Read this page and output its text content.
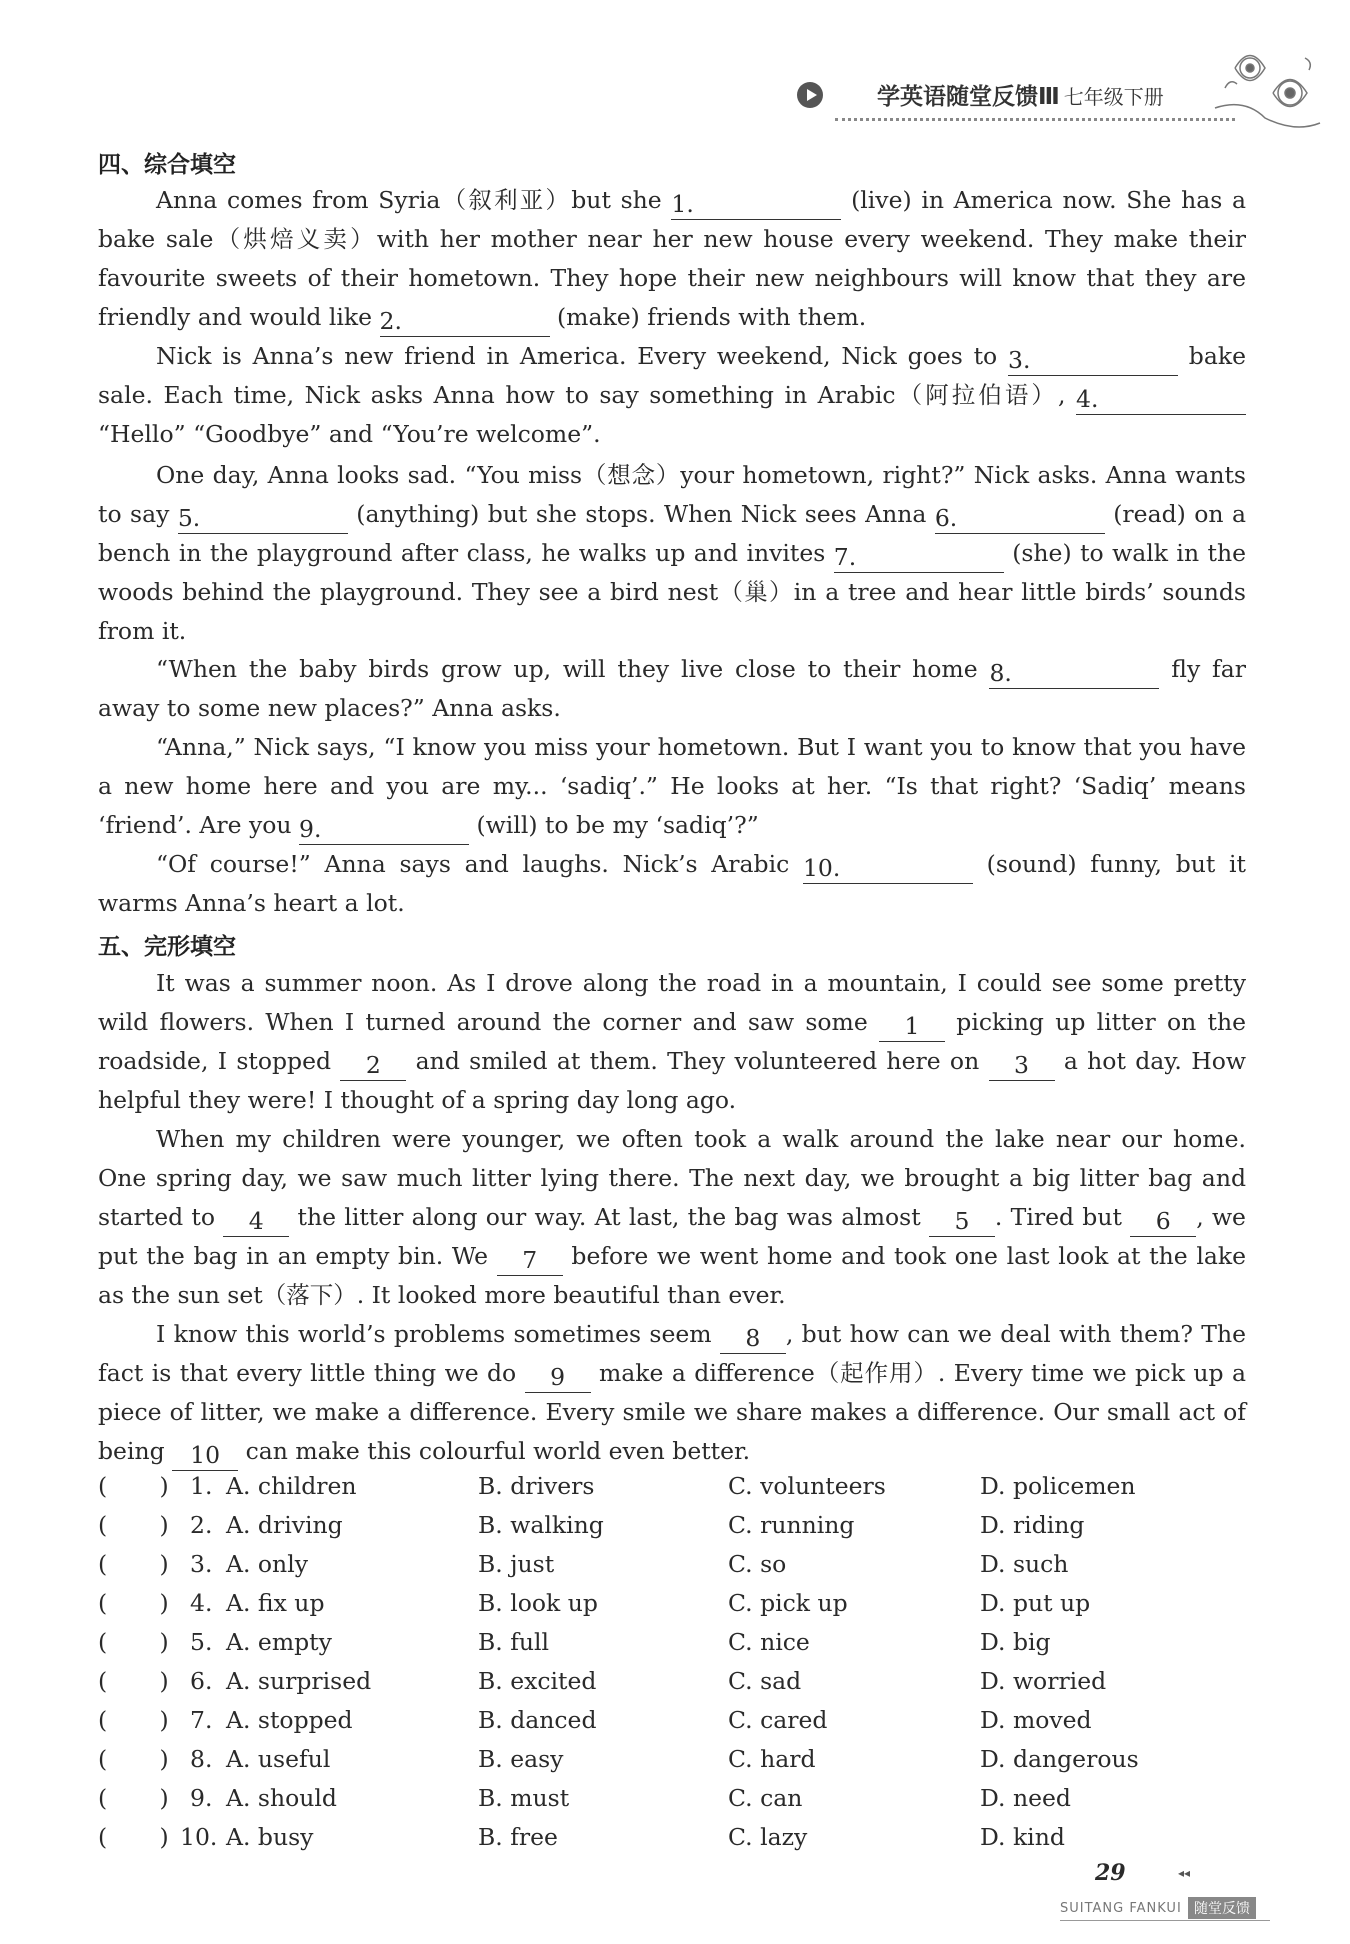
学英语随堂反馈Ⅲ 七年级下册
四、综合填空
Anna comes from Syria（叙利亚）but she 1.	(live) in America now. She has a bake sale（烘焙义卖）with her mother near her new house every weekend. They make their favourite sweets of their hometown. They hope their new neighbours will know that they are friendly and would like 2.	(make) friends with them.
Nick is Anna’s new friend in America. Every weekend, Nick goes to 3.	bake sale. Each time, Nick asks Anna how to say something in Arabic（阿拉伯语）, 4. “Hello” “Goodbye” and “You’re welcome”.
One day, Anna looks sad. “You miss（想念）your hometown, right?” Nick asks. Anna wants to say 5.	(anything) but she stops. When Nick sees Anna 6.	(read) on a bench in the playground after class, he walks up and invites 7.	(she) to walk in the woods behind the playground. They see a bird nest（巢）in a tree and hear little birds’ sounds from it.
“When the baby birds grow up, will they live close to their home 8.	fly far away to some new places?” Anna asks.
“Anna,” Nick says, “I know you miss your hometown. But I want you to know that you have a new home here and you are my... ‘sadiq’.” He looks at her. “Is that right? ‘Sadiq’ means ‘friend’. Are you 9.	(will) to be my ‘sadiq’?”
“Of course!” Anna says and laughs. Nick’s Arabic 10.	(sound) funny, but it warms Anna’s heart a lot.
五、完形填空
It was a summer noon. As I drove along the road in a mountain, I could see some pretty wild flowers. When I turned around the corner and saw some 1 picking up litter on the roadside, I stopped 2 and smiled at them. They volunteered here on 3 a hot day. How helpful they were! I thought of a spring day long ago.
When my children were younger, we often took a walk around the lake near our home. One spring day, we saw much litter lying there. The next day, we brought a big litter bag and started to 4 the litter along our way. At last, the bag was almost 5 . Tired but 6 , we put the bag in an empty bin. We 7 before we went home and took one last look at the lake as the sun set（落下）. It looked more beautiful than ever.
I know this world’s problems sometimes seem 8 , but how can we deal with them? The fact is that every little thing we do 9 make a difference（起作用）. Every time we pick up a piece of litter, we make a difference. Every smile we share makes a difference. Our small act of being 10 can make this colourful world even better.
(       ) 1. A. children	B. drivers	C. volunteers	D. policemen
(       ) 2. A. driving	B. walking	C. running	D. riding
(       ) 3. A. only	B. just	C. so	D. such
(       ) 4. A. fix up	B. look up	C. pick up	D. put up
(       ) 5. A. empty	B. full	C. nice	D. big
(       ) 6. A. surprised	B. excited	C. sad	D. worried
(       ) 7. A. stopped	B. danced	C. cared	D. moved
(       ) 8. A. useful	B. easy	C. hard	D. dangerous
(       ) 9. A. should	B. must	C. can	D. need
(       ) 10. A. busy	B. free	C. lazy	D. kind
29	◂◂
SUITANG FANKUI 随堂反馈
